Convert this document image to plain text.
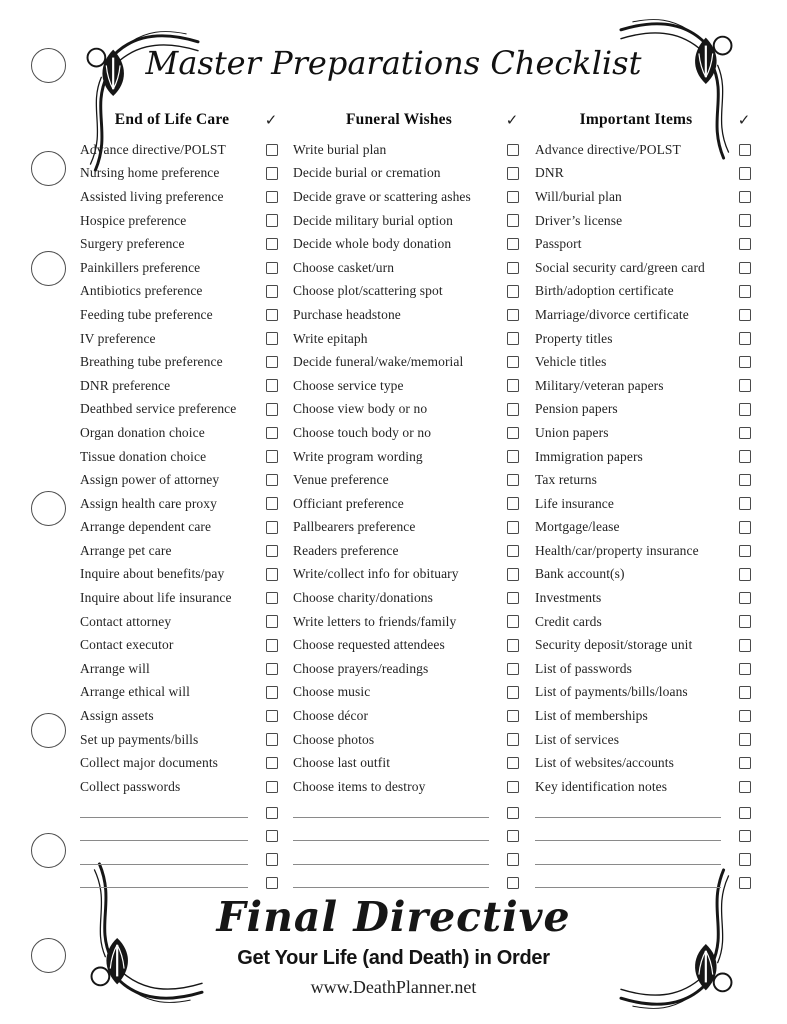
Master Preparations Checklist
End of Life Care	✓
Advance directive/POLST
Nursing home preference
Assisted living preference
Hospice preference
Surgery preference
Painkillers preference
Antibiotics preference
Feeding tube preference
IV preference
Breathing tube preference
DNR preference
Deathbed service preference
Organ donation choice
Tissue donation choice
Assign power of attorney
Assign health care proxy
Arrange dependent care
Arrange pet care
Inquire about benefits/pay
Inquire about life insurance
Contact attorney
Contact executor
Arrange will
Arrange ethical will
Assign assets
Set up payments/bills
Collect major documents
Collect passwords
Funeral Wishes	✓
Write burial plan
Decide burial or cremation
Decide grave or scattering ashes
Decide military burial option
Decide whole body donation
Choose casket/urn
Choose plot/scattering spot
Purchase headstone
Write epitaph
Decide funeral/wake/memorial
Choose service type
Choose view body or no
Choose touch body or no
Write program wording
Venue preference
Officiant preference
Pallbearers preference
Readers preference
Write/collect info for obituary
Choose charity/donations
Write letters to friends/family
Choose requested attendees
Choose prayers/readings
Choose music
Choose décor
Choose photos
Choose last outfit
Choose items to destroy
Important Items	✓
Advance directive/POLST
DNR
Will/burial plan
Driver’s license
Passport
Social security card/green card
Birth/adoption certificate
Marriage/divorce certificate
Property titles
Vehicle titles
Military/veteran papers
Pension papers
Union papers
Immigration papers
Tax returns
Life insurance
Mortgage/lease
Health/car/property insurance
Bank account(s)
Investments
Credit cards
Security deposit/storage unit
List of passwords
List of payments/bills/loans
List of memberships
List of services
List of websites/accounts
Key identification notes
Final Directive
Get Your Life (and Death) in Order
www.DeathPlanner.net
